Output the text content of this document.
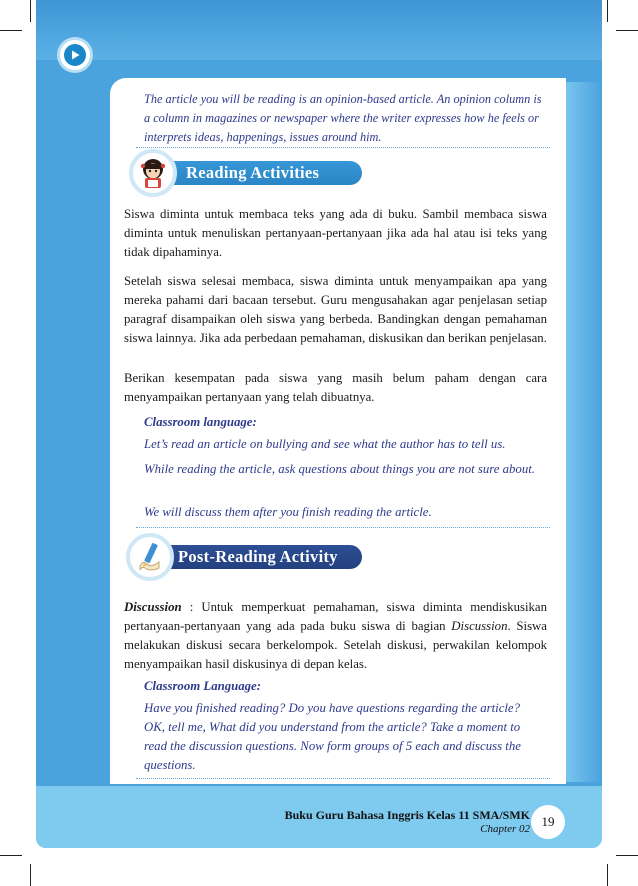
The article you will be reading is an opinion-based article. An opinion column is a column in magazines or newspaper where the writer expresses how he feels or interprets ideas, happenings, issues around him.
Reading Activities

Siswa diminta untuk membaca teks yang ada di buku. Sambil membaca siswa diminta untuk menuliskan pertanyaan-pertanyaan jika ada hal atau isi teks yang tidak dipahaminya.

Setelah siswa selesai membaca, siswa diminta untuk menyampaikan apa yang mereka pahami dari bacaan tersebut. Guru mengusahakan agar penjelasan setiap paragraf disampaikan oleh siswa yang berbeda. Bandingkan dengan pemahaman siswa lainnya. Jika ada perbedaan pemahaman, diskusikan dan berikan penjelasan.

Berikan kesempatan pada siswa yang masih belum paham dengan cara menyampaikan pertanyaan yang telah dibuatnya.

Classroom language:

Let’s read an article on bullying and see what the author has to tell us.

While reading the article, ask questions about things you are not sure about.

We will discuss them after you finish reading the article.

Post-Reading Activity

Discussion : Untuk memperkuat pemahaman, siswa diminta mendiskusikan pertanyaan-pertanyaan yang ada pada buku siswa di bagian Discussion. Siswa melakukan diskusi secara berkelompok. Setelah diskusi, perwakilan kelompok menyampaikan hasil diskusinya di depan kelas.

Classroom Language:

Have you finished reading? Do you have questions regarding the article? OK, tell me, What did you understand from the article? Take a moment to read the discussion questions. Now form groups of 5 each and discuss the questions.

Buku Guru Bahasa Inggris Kelas 11 SMA/SMK
Chapter 02 19
